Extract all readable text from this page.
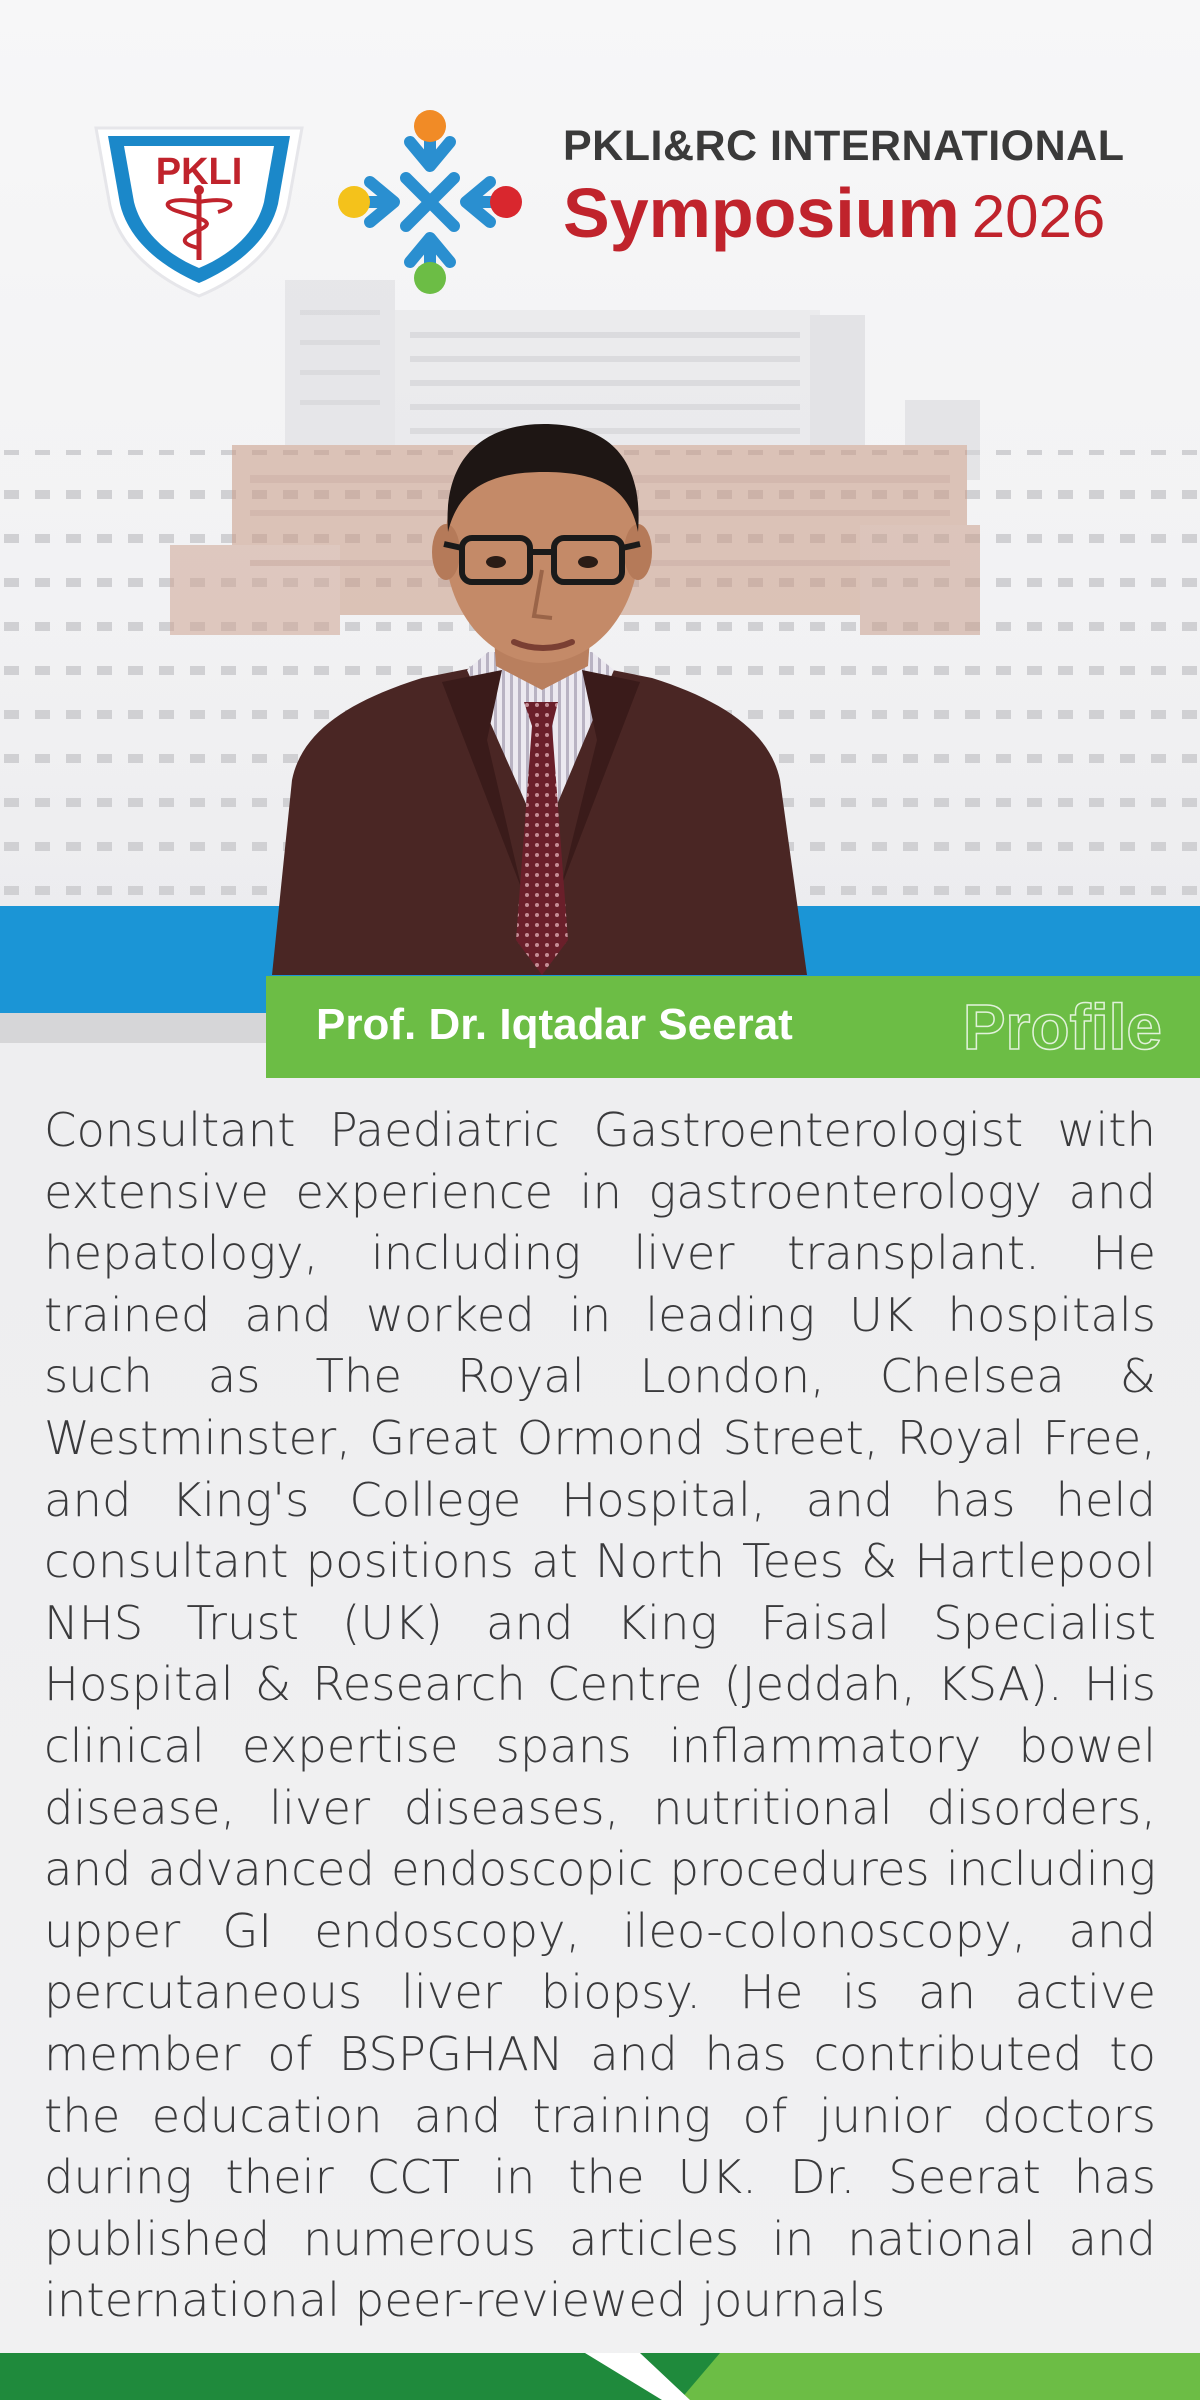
PKLI
PKLI&RC INTERNATIONAL
Symposium 2026
Prof. Dr. Iqtadar Seerat	Profile
Consultant Paediatric Gastroenterologist with extensive experience in gastroenterology and hepatology, including liver transplant. He trained and worked in leading UK hospitals such as The Royal London, Chelsea & Westminster, Great Ormond Street, Royal Free, and King's College Hospital, and has held consultant positions at North Tees & Hartlepool NHS Trust (UK) and King Faisal Specialist Hospital & Research Centre (Jeddah, KSA). His clinical expertise spans inflammatory bowel disease, liver diseases, nutritional disorders, and advanced endoscopic procedures including upper GI endoscopy, ileo-colonoscopy, and percutaneous liver biopsy. He is an active member of BSPGHAN and has contributed to the education and training of junior doctors during their CCT in the UK. Dr. Seerat has published numerous articles in national and international peer-reviewed journals
